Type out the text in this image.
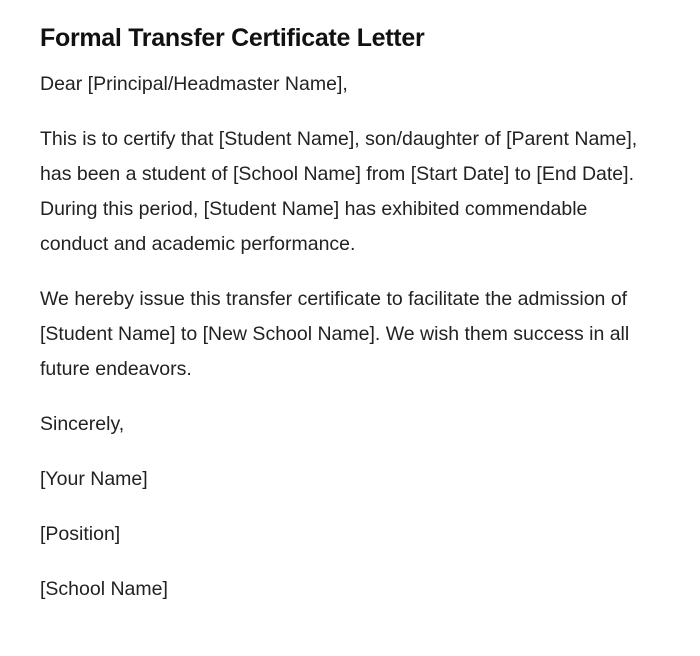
Formal Transfer Certificate Letter

Dear [Principal/Headmaster Name],

This is to certify that [Student Name], son/daughter of [Parent Name], has been a student of [School Name] from [Start Date] to [End Date]. During this period, [Student Name] has exhibited commendable conduct and academic performance.

We hereby issue this transfer certificate to facilitate the admission of [Student Name] to [New School Name]. We wish them success in all future endeavors.

Sincerely,

[Your Name]

[Position]

[School Name]
